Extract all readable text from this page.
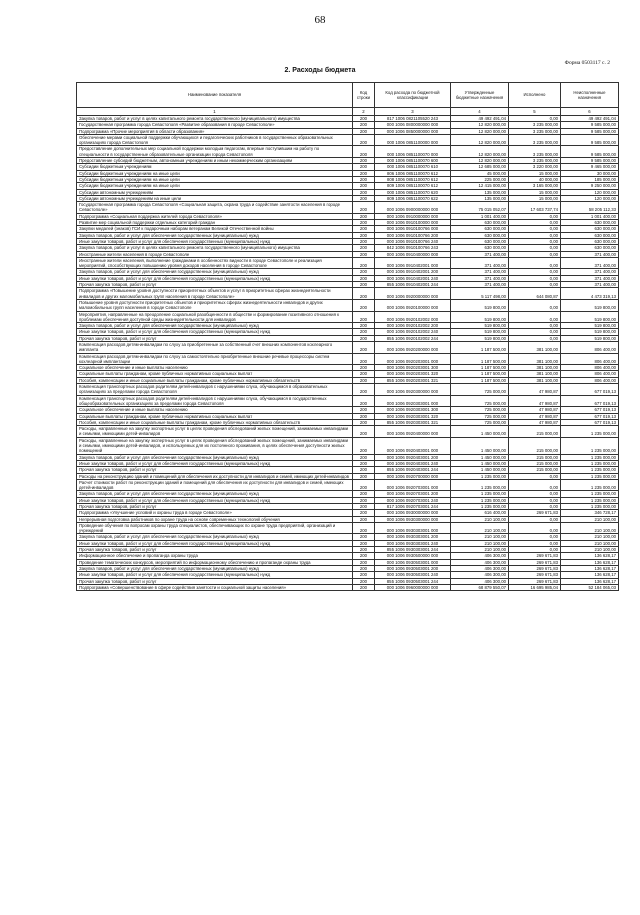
68
Форма 0503117 с. 2
2. Расходы бюджета
Наименование показателя	Код строки	Код расхода по бюджетной классификации	Утвержденные бюджетные назначения	Исполнено	Неисполненные назначения
1	2	3	4	5	6
Закупка товаров, работ и услуг в целях капитального ремонта государственного (муниципального) имущества	200	817 1006 0821105520 243	49 492 491,04	0,00	49 492 491,04
Государственная программа города Севастополя «Развитие образования в городе Севастополе»	200	000 1006 0800000000 000	12 820 000,00	3 235 000,00	9 585 000,00
Подпрограмма «Прочие мероприятия в области образования»	200	000 1006 0850000000 000	12 820 000,00	3 235 000,00	9 585 000,00
Обеспечение мерами социальной поддержки обучающихся и педагогических работников в государственных образовательных организациях города Севастополя	200	000 1006 0851100000 000	12 820 000,00	3 235 000,00	9 585 000,00
Предоставление дополнительных мер социальной поддержки молодым педагогам, впервые поступившим на работу по специальности в государственные образовательные организации города Севастополя	200	000 1006 0851100070 000	12 820 000,00	3 235 000,00	9 585 000,00
Предоставление субсидий бюджетным, автономным учреждениям и иным некоммерческим организациям	200	000 1006 0851100070 600	12 820 000,00	3 235 000,00	9 585 000,00
Субсидии бюджетным учреждениям	200	000 1006 0851100070 610	12 685 000,00	3 220 000,00	9 465 000,00
Субсидии бюджетным учреждениям на иные цели	200	806 1006 0851100070 612	45 000,00	15 000,00	30 000,00
Субсидии бюджетным учреждениям на иные цели	200	808 1006 0851100070 612	225 000,00	40 000,00	185 000,00
Субсидии бюджетным учреждениям на иные цели	200	809 1006 0851100070 612	12 415 000,00	3 165 000,00	9 250 000,00
Субсидии автономным учреждениям	200	000 1006 0851100070 620	135 000,00	15 000,00	120 000,00
Субсидии автономным учреждениям на иные цели	200	809 1006 0851100070 622	135 000,00	15 000,00	120 000,00
Государственная программа города Севастополя «Социальная защита, охрана труда и содействие занятости населения в городе Севастополе»	200	000 1006 0900000000 000	75 015 052,07	17 603 737,74	58 205 112,33
Подпрограмма «Социальная поддержка жителей города Севастополя»	200	000 1006 0910000000 000	1 001 400,00	0,00	1 001 400,00
Развитие мер социальной поддержки отдельных категорий граждан	200	000 1006 0910100000 000	630 000,00	0,00	630 000,00
Закупки медалей (знаков) ГСИ к подарочным наборам ветеранам Великой Отечественной войны	200	000 1006 0910100766 000	630 000,00	0,00	630 000,00
Закупка товаров, работ и услуг для обеспечения государственных (муниципальных) нужд	200	000 1006 0910100766 200	630 000,00	0,00	630 000,00
Иные закупки товаров, работ и услуг для обеспечения государственных (муниципальных) нужд	200	000 1006 0910100766 240	630 000,00	0,00	630 000,00
Закупка товаров, работ и услуг в целях капитального ремонта государственного (муниципального) имущества	200	842 1006 0910100766 243	630 000,00	0,00	630 000,00
Иностранные жители населения в городе Севастополе	200	000 1006 0910400000 000	371 400,00	0,00	371 400,00
Иностранные жители населения, выполнение гражданами в особенностях видности в городе Севастополе и реализация мероприятий, способствующих повышению уровня доходов населения в городе Севастополе	200	000 1006 0910402001 000	371 400,00	0,00	371 400,00
Закупка товаров, работ и услуг для обеспечения государственных (муниципальных) нужд	200	000 1006 0910402001 200	371 400,00	0,00	371 400,00
Иные закупки товаров, работ и услуг для обеспечения государственных (муниципальных) нужд	200	000 1006 0910402001 240	371 400,00	0,00	371 400,00
Прочая закупка товаров, работ и услуг	200	855 1006 0910402001 244	371 400,00	0,00	371 400,00
Подпрограмма «Повышение уровня доступности приоритетных объектов и услуг в приоритетных сферах жизнедеятельности инвалидов и других маломобильных групп населения в городе Севастополе»	200	000 1006 0920000000 000	5 117 498,00	644 080,87	4 473 319,13
Повышение уровня доступности приоритетных объектов и приоритетных сферах жизнедеятельности инвалидов и других маломобильных групп населения в городе Севастополе	200	000 1006 0920100000 000	519 800,00	0,00	519 800,00
Мероприятия, направленные на преодоление социальной разобщенности в обществе и формирование позитивного отношения к проблемам обеспечения доступной среды жизнедеятельности для инвалидов	200	000 1006 0920102002 000	519 800,00	0,00	519 800,00
Закупка товаров, работ и услуг для обеспечения государственных (муниципальных) нужд	200	000 1006 0920102002 200	519 800,00	0,00	519 800,00
Иные закупки товаров, работ и услуг для обеспечения государственных (муниципальных) нужд	200	000 1006 0920102002 240	519 800,00	0,00	519 800,00
Прочая закупка товаров, работ и услуг	200	855 1006 0920102002 244	519 800,00	0,00	519 800,00
Компенсация расходов детям-инвалидам по слуху за приобретенные за собственный счет внешних компонентов кохлеарного импланта	200	000 1006 0920200000 000	1 187 500,00	381 100,00	806 400,00
Компенсация расходов детям-инвалидам по слуху за самостоятельно приобретенные внешние речевые процессоры систем кохлеарной имплантации	200	000 1006 0920203001 000	1 187 500,00	381 100,00	806 400,00
Социальное обеспечение и иные выплаты населению	200	000 1006 0920203001 300	1 187 500,00	381 100,00	806 400,00
Социальные выплаты гражданам, кроме публичных нормативных социальных выплат	200	000 1006 0920203001 320	1 187 500,00	381 100,00	806 400,00
Пособия, компенсации и иные социальные выплаты гражданам, кроме публичных нормативных обязательств	200	855 1006 0920203001 321	1 187 500,00	381 100,00	806 400,00
Компенсация транспортных расходов родителям детей-инвалидов с нарушениями слуха, обучающимся в образовательных организациях за пределами города Севастополя	200	000 1006 0920300000 000	725 000,00	47 980,87	677 019,13
Компенсация транспортных расходов родителям детей-инвалидов с нарушениями слуха, обучающимся в государственных общеобразовательных организациях за пределами города Севастополя	200	000 1006 0920303001 000	725 000,00	47 980,87	677 019,13
Социальное обеспечение и иные выплаты населению	200	000 1006 0920303001 300	725 000,00	47 980,87	677 019,13
Социальные выплаты гражданам, кроме публичных нормативных социальных выплат	200	000 1006 0920303001 320	725 000,00	47 980,87	677 019,13
Пособия, компенсации и иные социальные выплаты гражданам, кроме публичных нормативных обязательств	200	855 1006 0920303001 321	725 000,00	47 980,87	677 019,13
Расходы, направленные на закупку экспортных услуг в целях проведения обследований жилых помещений, занимаемых инвалидами и семьями, имеющими детей-инвалидов	200	000 1006 0920400000 000	1 450 000,00	215 000,00	1 235 000,00
Расходы, направленные на закупку экспертных услуг в целях проведения обследований жилых помещений, занимаемых инвалидами и семьями, имеющими детей-инвалидов, и используемых для их постоянного проживания, в целях обеспечения доступности жилых помещений	200	000 1006 0920403001 000	1 450 000,00	215 000,00	1 235 000,00
Закупка товаров, работ и услуг для обеспечения государственных (муниципальных) нужд	200	000 1006 0920403001 200	1 450 000,00	215 000,00	1 235 000,00
Иные закупки товаров, работ и услуг для обеспечения государственных (муниципальных) нужд	200	000 1006 0920403001 240	1 450 000,00	215 000,00	1 235 000,00
Прочая закупка товаров, работ и услуг	200	855 1006 0920403001 244	1 450 000,00	215 000,00	1 235 000,00
Расходы на реконструкцию зданий и помещений для обеспечения их доступности для инвалидов и семей, имеющих детей-инвалидов	200	000 1006 0920700000 000	1 235 000,00	0,00	1 235 000,00
Расчет стоимости работ по реконструкции зданий и помещений для обеспечения их доступности для инвалидов и семей, имеющих детей-инвалидов	200	000 1006 0920703001 000	1 235 000,00	0,00	1 235 000,00
Закупка товаров, работ и услуг для обеспечения государственных (муниципальных) нужд	200	000 1006 0920703001 200	1 235 000,00	0,00	1 235 000,00
Иные закупки товаров, работ и услуг для обеспечения государственных (муниципальных) нужд	200	000 1006 0920703001 240	1 235 000,00	0,00	1 235 000,00
Прочая закупка товаров, работ и услуг	200	817 1006 0920703001 244	1 235 000,00	0,00	1 235 000,00
Подпрограмма «Улучшение условий и охраны труда в городе Севастополе»	200	000 1006 0930000000 000	616 400,00	269 671,83	346 728,17
Непрерывная подготовка работников по охране труда на основе современных технологий обучения	200	000 1006 0930300000 000	210 100,00	0,00	210 100,00
Проведение обучения по вопросам охраны труда специалистов, обеспечивающих по охране труда предприятий, организаций и учреждений	200	000 1006 0930303001 000	210 100,00	0,00	210 100,00
Закупка товаров, работ и услуг для обеспечения государственных (муниципальных) нужд	200	000 1006 0930303001 200	210 100,00	0,00	210 100,00
Иные закупки товаров, работ и услуг для обеспечения государственных (муниципальных) нужд	200	000 1006 0930303001 240	210 100,00	0,00	210 100,00
Прочая закупка товаров, работ и услуг	200	855 1006 0930303001 244	210 100,00	0,00	210 100,00
Информационное обеспечение и пропаганда охраны труда	200	000 1006 0930500000 000	406 300,00	269 671,83	136 628,17
Проведение тематических конкурсов, мероприятий по информационному обеспечению и пропаганде охраны труда	200	000 1006 0930503001 000	406 300,00	269 671,83	136 628,17
Закупка товаров, работ и услуг для обеспечения государственных (муниципальных) нужд	200	000 1006 0930503001 200	406 300,00	269 671,83	136 628,17
Иные закупки товаров, работ и услуг для обеспечения государственных (муниципальных) нужд	200	000 1006 0930503001 240	406 300,00	269 671,83	136 628,17
Прочая закупка товаров, работ и услуг	200	855 1006 0930503001 244	406 300,00	269 671,83	136 628,17
Подпрограмма «Совершенствование в сфере содействия занятости и социальной защиты населения»	200	000 1006 0960000000 000	68 879 550,07	16 695 985,04	52 184 065,03
